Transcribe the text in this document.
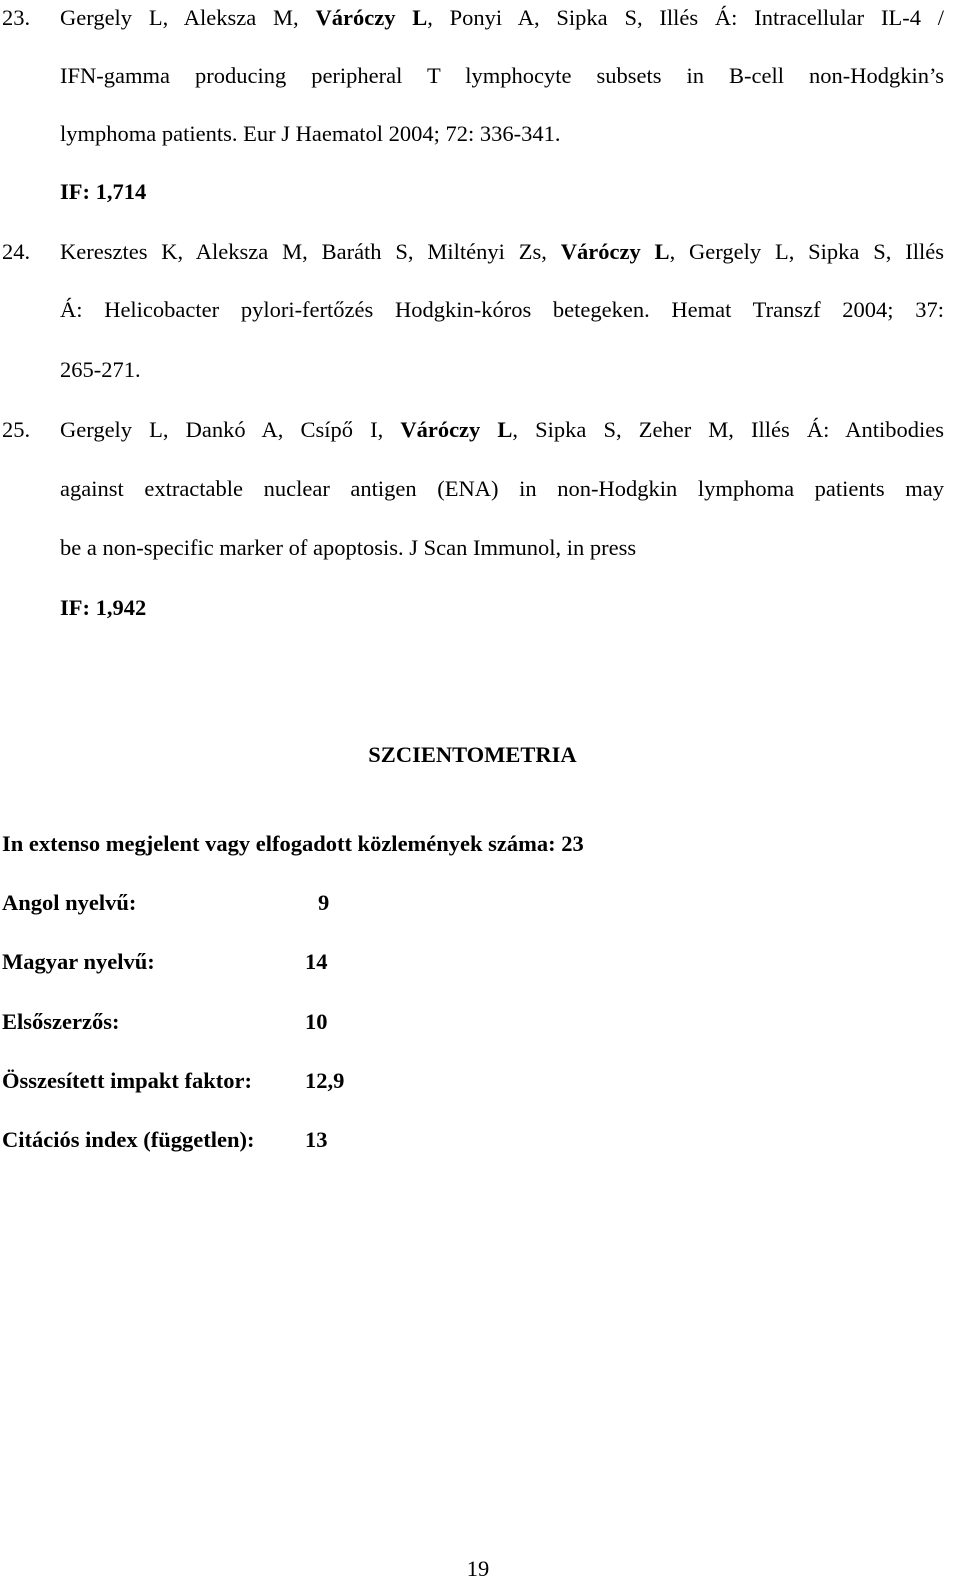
23. Gergely L, Aleksza M, Váróczy L, Ponyi A, Sipka S, Illés Á: Intracellular IL-4 /
IFN-gamma producing peripheral T lymphocyte subsets in B-cell non-Hodgkin’s
lymphoma patients. Eur J Haematol 2004; 72: 336-341.
IF: 1,714
24. Keresztes K, Aleksza M, Baráth S, Miltényi Zs, Váróczy L, Gergely L, Sipka S, Illés
Á: Helicobacter pylori-fertőzés Hodgkin-kóros betegeken. Hemat Transzf 2004; 37:
265-271.
25. Gergely L, Dankó A, Csípő I, Váróczy L, Sipka S, Zeher M, Illés Á: Antibodies
against extractable nuclear antigen (ENA) in non-Hodgkin lymphoma patients may
be a non-specific marker of apoptosis. J Scan Immunol, in press
IF: 1,942
SZCIENTOMETRIA
In extenso megjelent vagy elfogadott közlemények száma: 23
Angol nyelvű:	9
Magyar nyelvű:	14
Elsőszerzős:	10
Összesített impakt faktor: 12,9
Citációs index (független): 13
19
